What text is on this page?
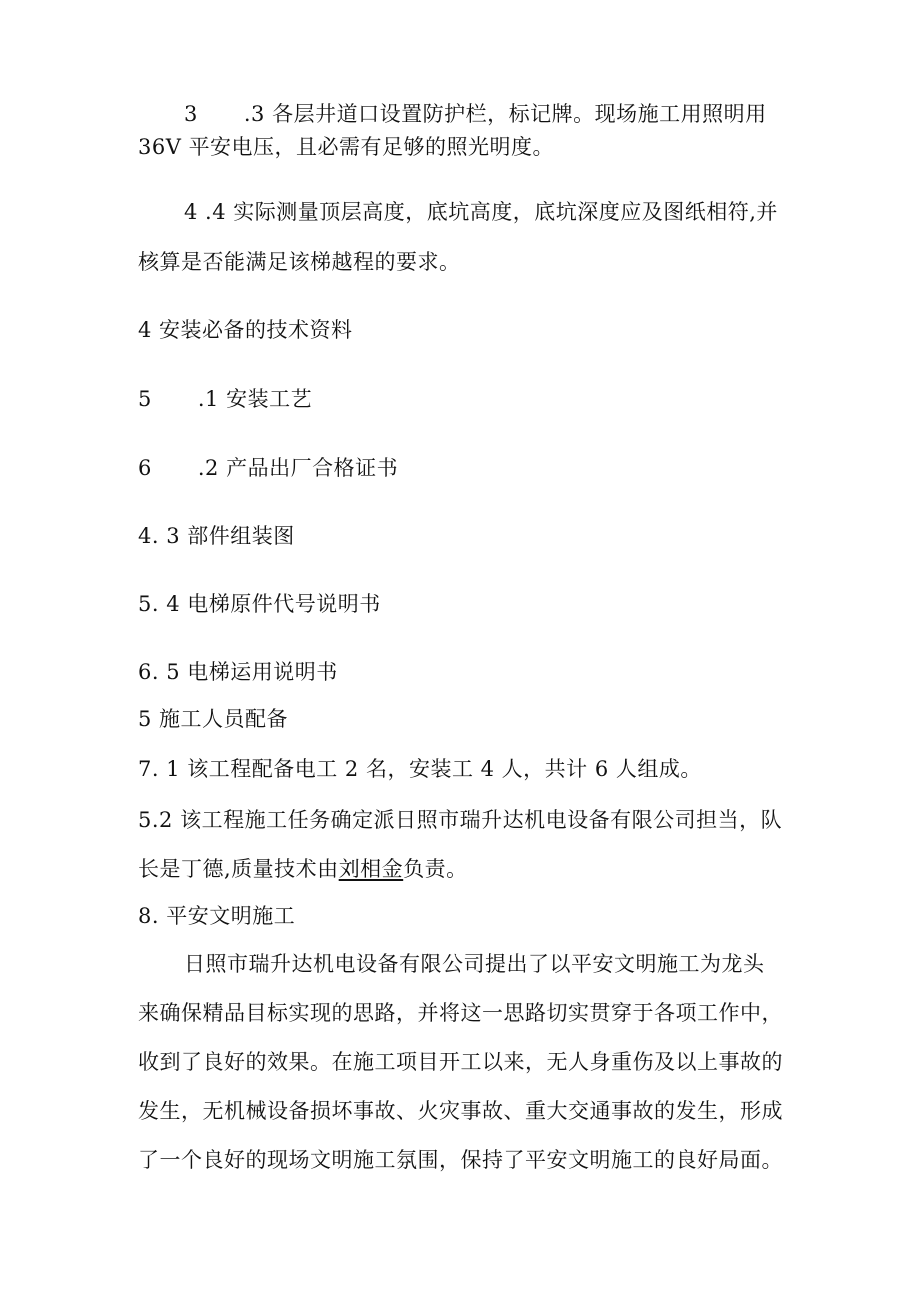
3 .3 各层井道口设置防护栏，标记牌。现场施工用照明用
36V 平安电压，且必需有足够的照光明度。
4 .4 实际测量顶层高度，底坑高度，底坑深度应及图纸相符,并
核算是否能满足该梯越程的要求。
4 安装必备的技术资料
5 .1 安装工艺
6 .2 产品出厂合格证书
4. 3 部件组装图
5. 4 电梯原件代号说明书
6. 5 电梯运用说明书
5 施工人员配备
7. 1 该工程配备电工 2 名，安装工 4 人，共计 6 人组成。
5.2 该工程施工任务确定派日照市瑞升达机电设备有限公司担当，队
长是丁德,质量技术由刘相金负责。
8. 平安文明施工
日照市瑞升达机电设备有限公司提出了以平安文明施工为龙头
来确保精品目标实现的思路，并将这一思路切实贯穿于各项工作中，
收到了良好的效果。在施工项目开工以来，无人身重伤及以上事故的
发生，无机械设备损坏事故、火灾事故、重大交通事故的发生，形成
了一个良好的现场文明施工氛围，保持了平安文明施工的良好局面。
